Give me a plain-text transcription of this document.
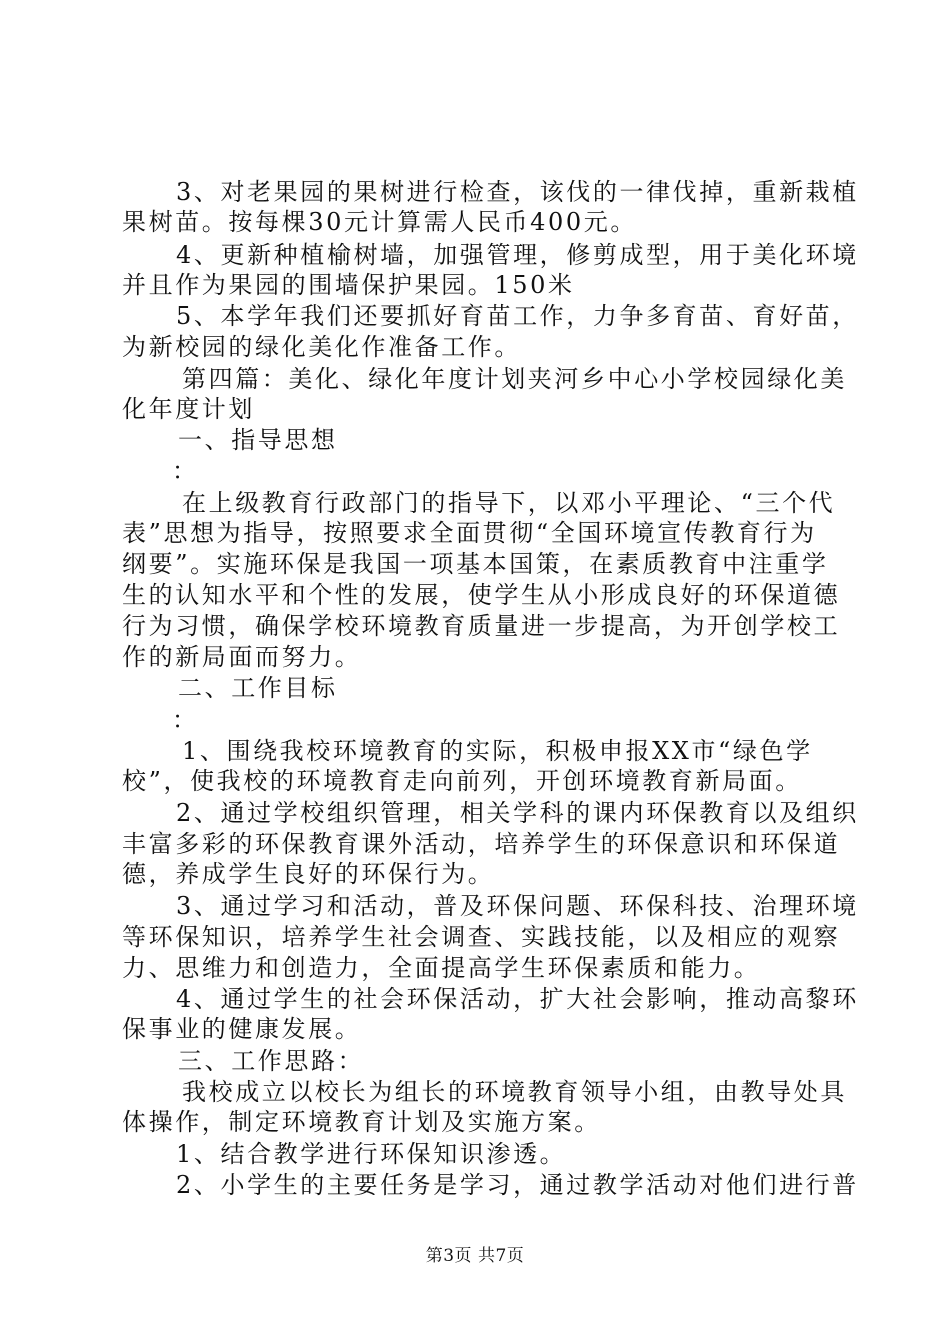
3、对老果园的果树进行检查，该伐的一律伐掉，重新栽植
果树苗。按每棵30元计算需人民币400元。
4、更新种植榆树墙，加强管理，修剪成型，用于美化环境
并且作为果园的围墙保护果园。150米
5、本学年我们还要抓好育苗工作，力争多育苗、育好苗，
为新校园的绿化美化作准备工作。
第四篇：美化、绿化年度计划夹河乡中心小学校园绿化美
化年度计划
一、指导思想
：
在上级教育行政部门的指导下，以邓小平理论、“三个代
表”思想为指导，按照要求全面贯彻“全国环境宣传教育行为
纲要”。实施环保是我国一项基本国策，在素质教育中注重学
生的认知水平和个性的发展，使学生从小形成良好的环保道德
行为习惯，确保学校环境教育质量进一步提高，为开创学校工
作的新局面而努力。
二、工作目标
：
1、围绕我校环境教育的实际，积极申报XX市“绿色学
校”，使我校的环境教育走向前列，开创环境教育新局面。
2、通过学校组织管理，相关学科的课内环保教育以及组织
丰富多彩的环保教育课外活动，培养学生的环保意识和环保道
德，养成学生良好的环保行为。
3、通过学习和活动，普及环保问题、环保科技、治理环境
等环保知识，培养学生社会调查、实践技能，以及相应的观察
力、思维力和创造力，全面提高学生环保素质和能力。
4、通过学生的社会环保活动，扩大社会影响，推动高黎环
保事业的健康发展。
三、工作思路：
我校成立以校长为组长的环境教育领导小组，由教导处具
体操作，制定环境教育计划及实施方案。
1、结合教学进行环保知识渗透。
2、小学生的主要任务是学习，通过教学活动对他们进行普
第3页 共7页
